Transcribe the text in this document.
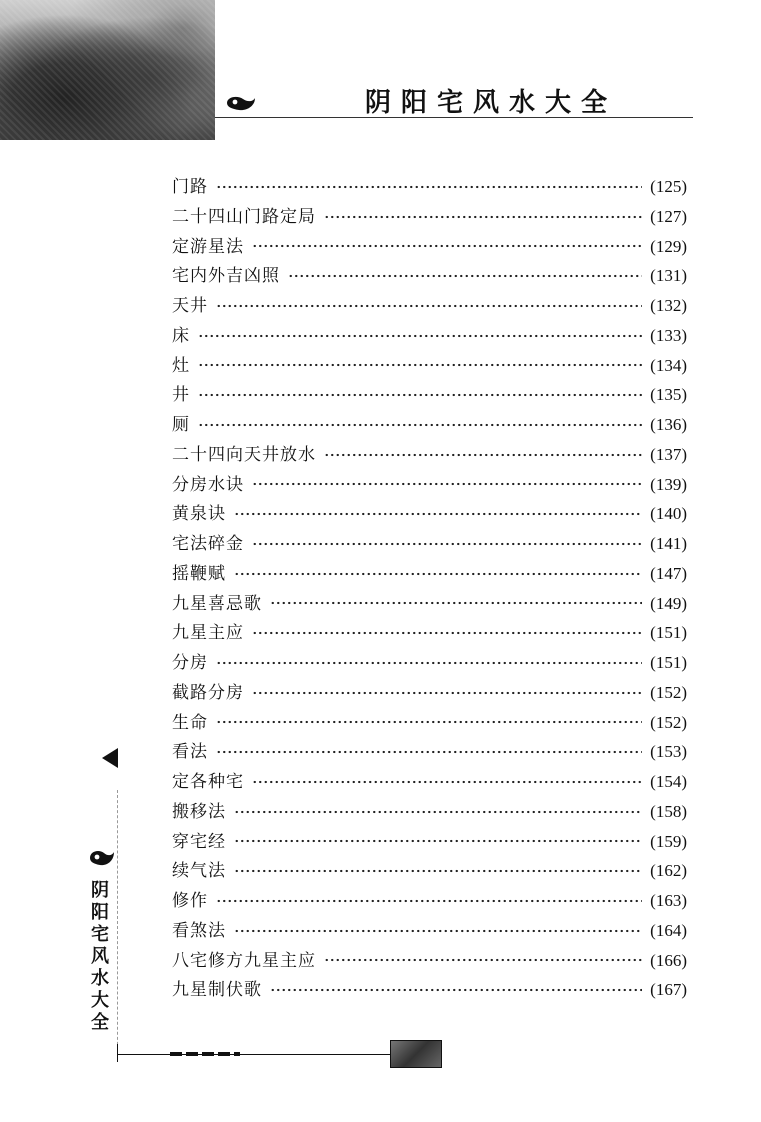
阴阳宅风水大全
门路	(125)
二十四山门路定局	(127)
定游星法	(129)
宅内外吉凶照	(131)
天井	(132)
床	(133)
灶	(134)
井	(135)
厕	(136)
二十四向天井放水	(137)
分房水诀	(139)
黄泉诀	(140)
宅法碎金	(141)
摇鞭赋	(147)
九星喜忌歌	(149)
九星主应	(151)
分房	(151)
截路分房	(152)
生命	(152)
看法	(153)
定各种宅	(154)
搬移法	(158)
穿宅经	(159)
续气法	(162)
修作	(163)
看煞法	(164)
八宅修方九星主应	(166)
九星制伏歌	(167)
阴
阳
宅
风
水
大
全
